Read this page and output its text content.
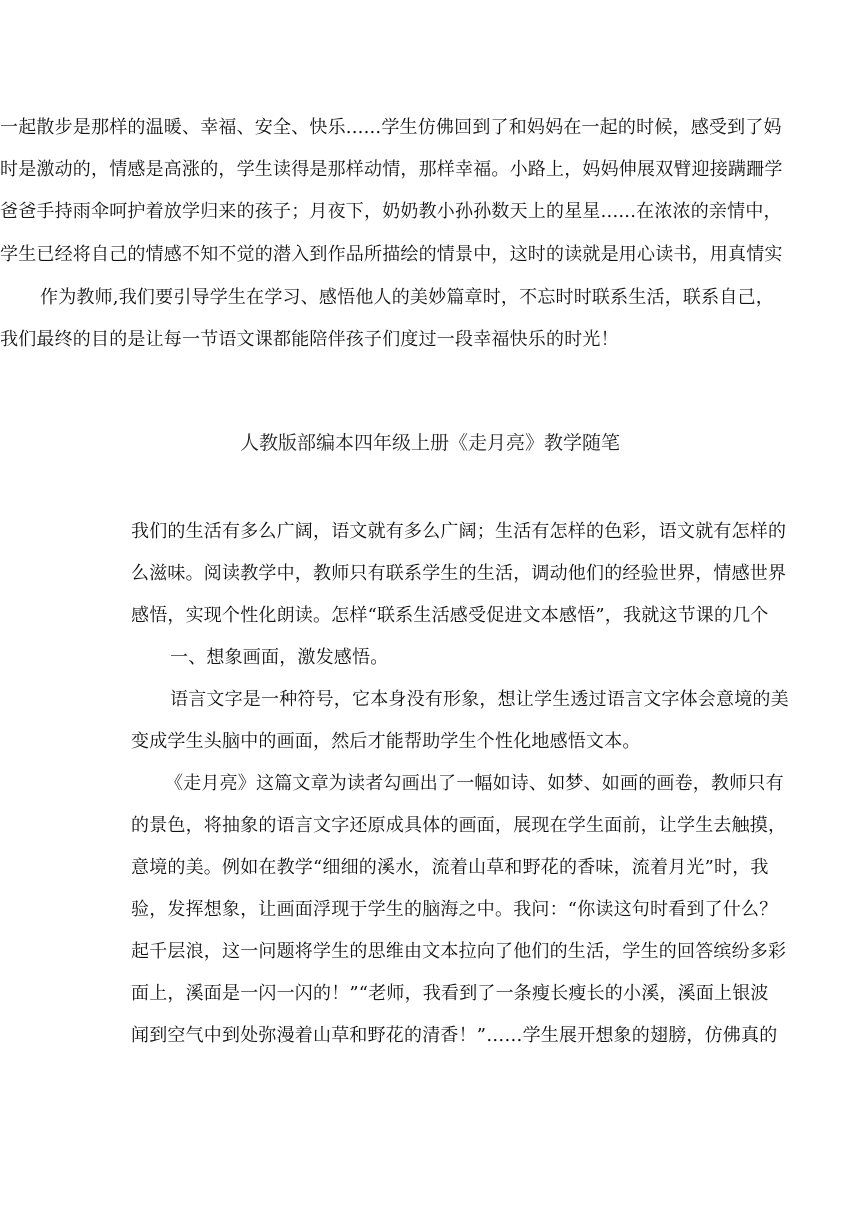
一起散步是那样的温暖、幸福、安全、快乐......学生仿佛回到了和妈妈在一起的时候，感受到了妈
时是激动的，情感是高涨的，学生读得是那样动情，那样幸福。小路上，妈妈伸展双臂迎接蹒跚学
爸爸手持雨伞呵护着放学归来的孩子；月夜下，奶奶教小孙孙数天上的星星......在浓浓的亲情中，
学生已经将自己的情感不知不觉的潜入到作品所描绘的情景中，这时的读就是用心读书，用真情实
作为教师,我们要引导学生在学习、感悟他人的美妙篇章时，不忘时时联系生活，联系自己，
我们最终的目的是让每一节语文课都能陪伴孩子们度过一段幸福快乐的时光！
人教版部编本四年级上册《走月亮》教学随笔
我们的生活有多么广阔，语文就有多么广阔；生活有怎样的色彩，语文就有怎样的
么滋味。阅读教学中，教师只有联系学生的生活，调动他们的经验世界，情感世界
感悟，实现个性化朗读。怎样“联系生活感受促进文本感悟”，我就这节课的几个
一、想象画面，激发感悟。
语言文字是一种符号，它本身没有形象，想让学生透过语言文字体会意境的美
变成学生头脑中的画面，然后才能帮助学生个性化地感悟文本。
《走月亮》这篇文章为读者勾画出了一幅如诗、如梦、如画的画卷，教师只有
的景色，将抽象的语言文字还原成具体的画面，展现在学生面前，让学生去触摸，
意境的美。例如在教学“细细的溪水，流着山草和野花的香味，流着月光”时，我
验，发挥想象，让画面浮现于学生的脑海之中。我问：“你读这句时看到了什么？
起千层浪，这一问题将学生的思维由文本拉向了他们的生活，学生的回答缤纷多彩
面上，溪面是一闪一闪的！”“老师，我看到了一条瘦长瘦长的小溪，溪面上银波
闻到空气中到处弥漫着山草和野花的清香！”……学生展开想象的翅膀，仿佛真的
